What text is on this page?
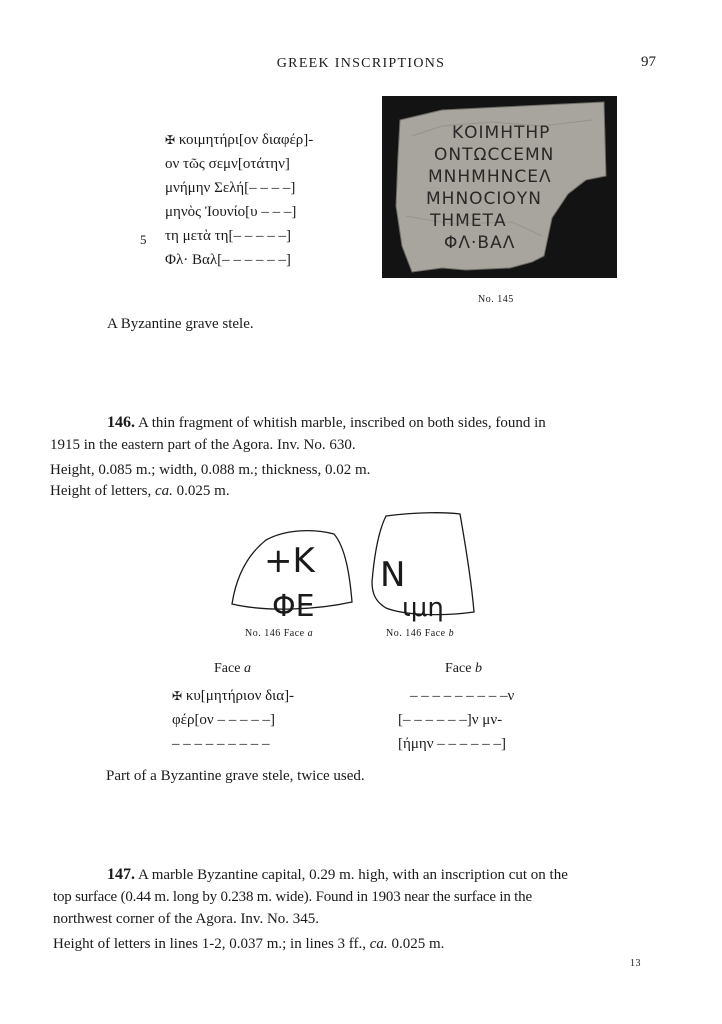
GREEK INSCRIPTIONS	97
✠ κοιμητήρι[ον διαφέρ]-
ον τῶς σεμν[οτάτην]
μνήμην Σελή[– – – –]
μηνὸς Ἰουνίο[υ – – –]
τη μετὰ τη[– – – – –]
Φλ· Βαλ[– – – – – –]
5
ΚΟΙΜΗΤΗΡ
ΟΝΤΩϹϹΕΜΝ
ΜΝΗΜΗΝϹΕΛ
ΜΗΝΟϹΙΟΥΝ
ΤΗΜΕΤΑ
ΦΛ·ΒΑΛ
No. 145
A Byzantine grave stele.
146. A thin fragment of whitish marble, inscribed on both sides, found in
1915 in the eastern part of the Agora. Inv. No. 630.
Height, 0.085 m.; width, 0.088 m.; thickness, 0.02 m.
Height of letters, ca. 0.025 m.
+K
ΦE
N
ιμη
No. 146 Face a	No. 146 Face b
Face a	Face b
✠ κυ[μητήριον δια]-
φέρ[ον – – – – –]
– – – – – – – – –
– – – – – – – – –ν
[– – – – – –]ν μν-
[ήμην – – – – – –]
Part of a Byzantine grave stele, twice used.
147. A marble Byzantine capital, 0.29 m. high, with an inscription cut on the
top surface (0.44 m. long by 0.238 m. wide). Found in 1903 near the surface in the
northwest corner of the Agora. Inv. No. 345.
Height of letters in lines 1-2, 0.037 m.; in lines 3 ff., ca. 0.025 m.
13
